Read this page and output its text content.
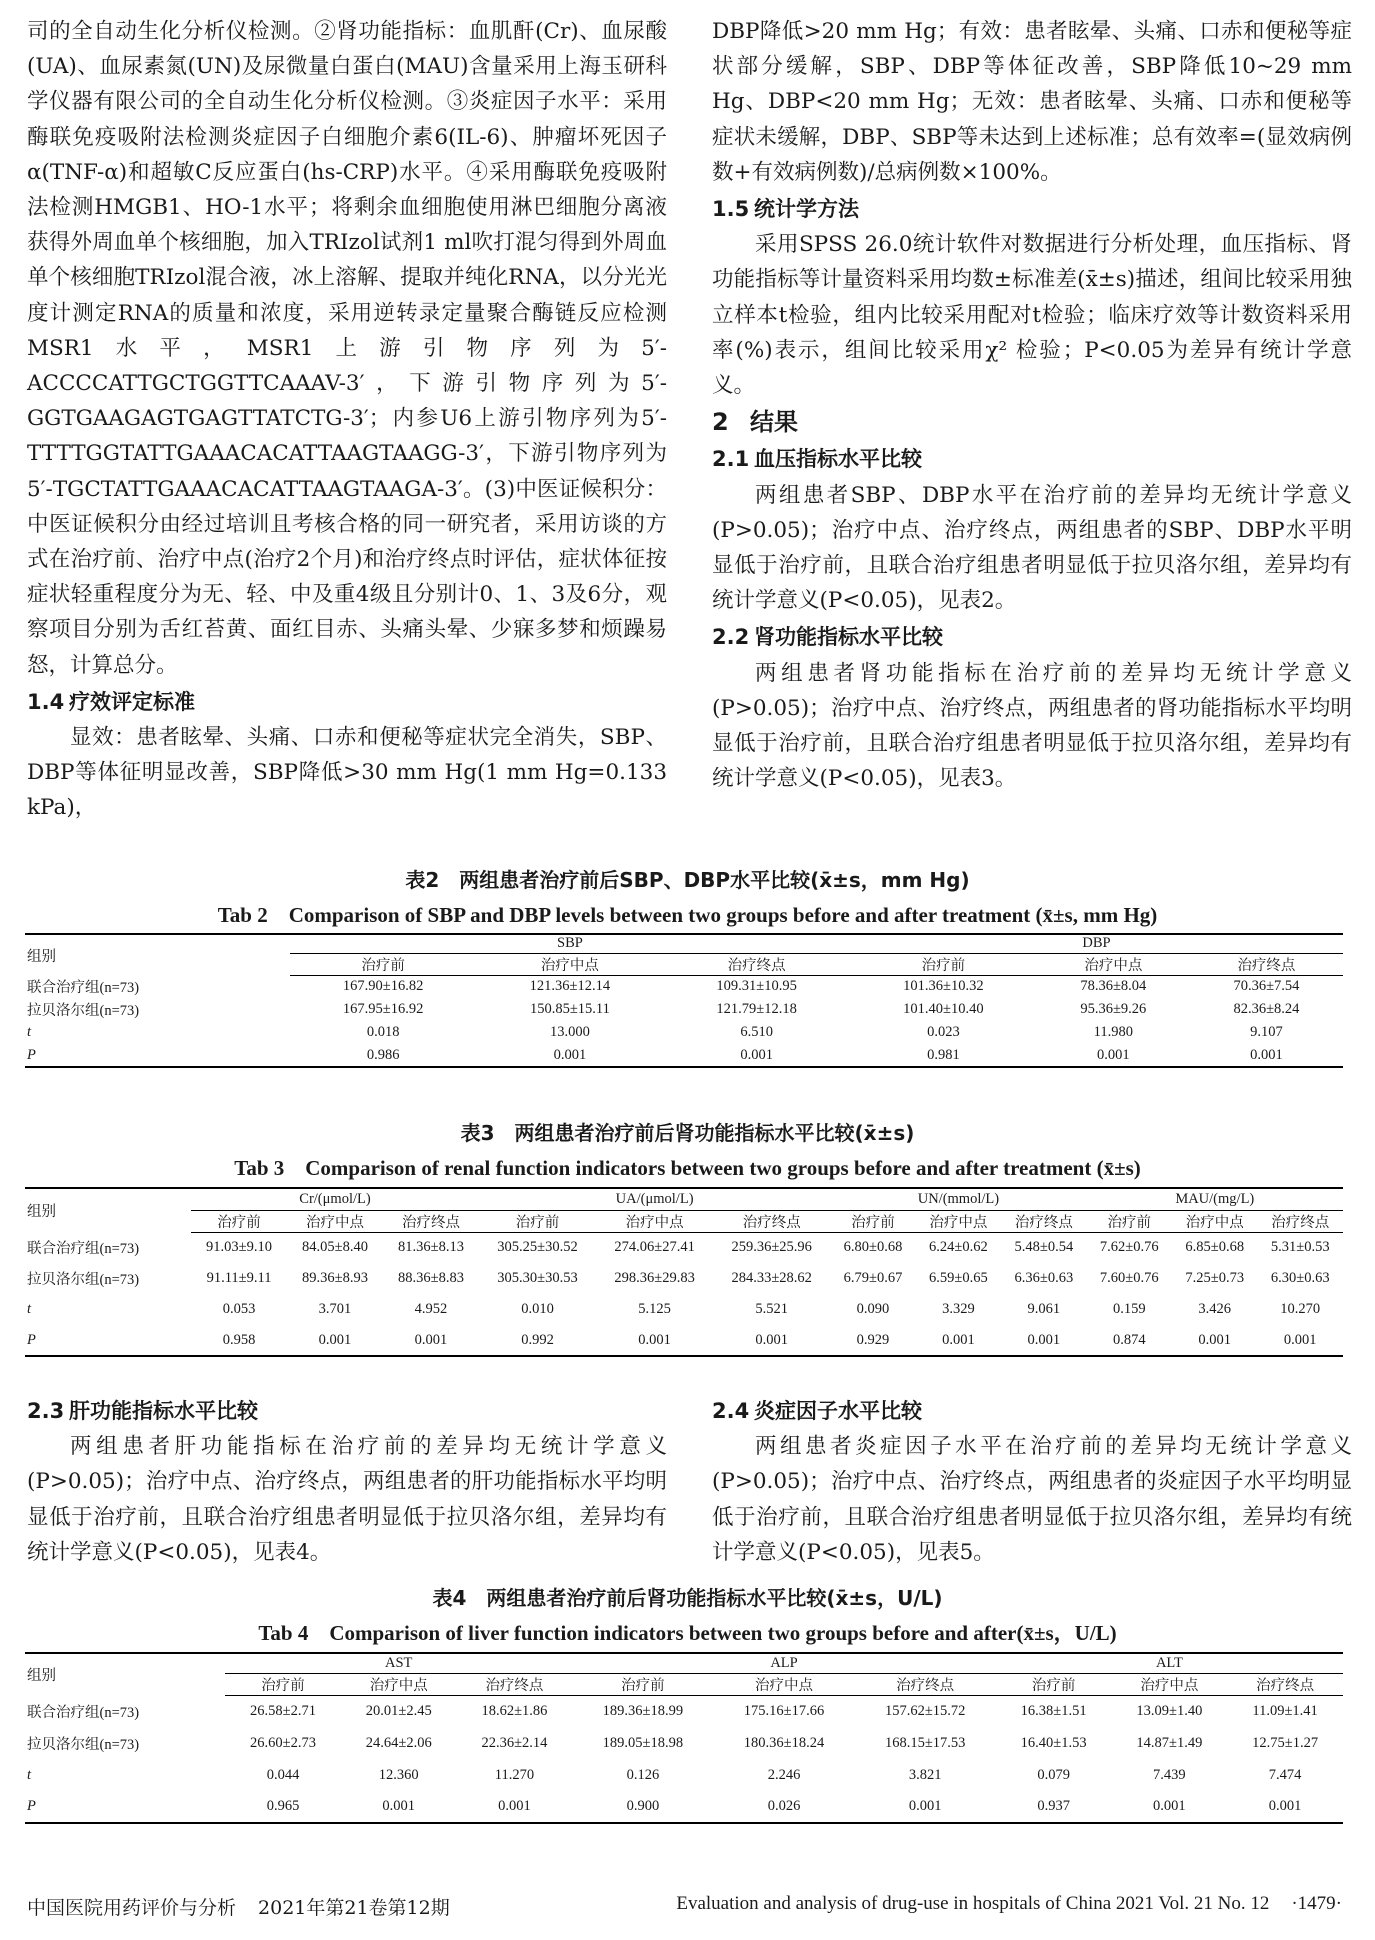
司的全自动生化分析仪检测。②肾功能指标：血肌酐(Cr)、血尿酸(UA)、血尿素氮(UN)及尿微量白蛋白(MAU)含量采用上海玉研科学仪器有限公司的全自动生化分析仪检测。③炎症因子水平：采用酶联免疫吸附法检测炎症因子白细胞介素6(IL-6)、肿瘤坏死因子α(TNF-α)和超敏C反应蛋白(hs-CRP)水平。④采用酶联免疫吸附法检测HMGB1、HO-1水平；将剩余血细胞使用淋巴细胞分离液获得外周血单个核细胞，加入TRIzol试剂1 ml吹打混匀得到外周血单个核细胞TRIzol混合液，冰上溶解、提取并纯化RNA，以分光光度计测定RNA的质量和浓度，采用逆转录定量聚合酶链反应检测MSR1水平，MSR1上游引物序列为5′-ACCCCATTGCTGGTTCAAAV-3′，下游引物序列为5′-GGTGAAGAGTGAGTTATCTG-3′；内参U6上游引物序列为5′-TTTTGGTATTGAAACACATTAAGTAAGG-3′，下游引物序列为5′-TGCTATTGAAACACATTAAGTAAGA-3′。(3)中医证候积分：中医证候积分由经过培训且考核合格的同一研究者，采用访谈的方式在治疗前、治疗中点(治疗2个月)和治疗终点时评估，症状体征按症状轻重程度分为无、轻、中及重4级且分别计0、1、3及6分，观察项目分别为舌红苔黄、面红目赤、头痛头晕、少寐多梦和烦躁易怒，计算总分。

1.4 疗效评定标准

显效：患者眩晕、头痛、口赤和便秘等症状完全消失，SBP、DBP等体征明显改善，SBP降低>30 mm Hg(1 mm Hg=0.133 kPa)，

DBP降低>20 mm Hg；有效：患者眩晕、头痛、口赤和便秘等症状部分缓解，SBP、DBP等体征改善，SBP降低10~29 mm Hg、DBP<20 mm Hg；无效：患者眩晕、头痛、口赤和便秘等症状未缓解，DBP、SBP等未达到上述标准；总有效率=(显效病例数+有效病例数)/总病例数×100%。

1.5 统计学方法

采用SPSS 26.0统计软件对数据进行分析处理，血压指标、肾功能指标等计量资料采用均数±标准差(x̄±s)描述，组间比较采用独立样本t检验，组内比较采用配对t检验；临床疗效等计数资料采用率(%)表示，组间比较采用χ² 检验；P<0.05为差异有统计学意义。

2 结果
2.1 血压指标水平比较

两组患者SBP、DBP水平在治疗前的差异均无统计学意义(P>0.05)；治疗中点、治疗终点，两组患者的SBP、DBP水平明显低于治疗前，且联合治疗组患者明显低于拉贝洛尔组，差异均有统计学意义(P<0.05)，见表2。

2.2 肾功能指标水平比较

两组患者肾功能指标在治疗前的差异均无统计学意义(P>0.05)；治疗中点、治疗终点，两组患者的肾功能指标水平均明显低于治疗前，且联合治疗组患者明显低于拉贝洛尔组，差异均有统计学意义(P<0.05)，见表3。

表2　两组患者治疗前后SBP、DBP水平比较(x̄±s，mm Hg)
Tab 2　Comparison of SBP and DBP levels between two groups before and after treatment (x̄±s, mm Hg)
组别	SBP			DBP		
	治疗前	治疗中点	治疗终点	治疗前	治疗中点	治疗终点
联合治疗组(n=73)	167.90±16.82	121.36±12.14	109.31±10.95	101.36±10.32	78.36±8.04	70.36±7.54
拉贝洛尔组(n=73)	167.95±16.92	150.85±15.11	121.79±12.18	101.40±10.40	95.36±9.26	82.36±8.24
t	0.018	13.000	6.510	0.023	11.980	9.107
P	0.986	0.001	0.001	0.981	0.001	0.001
表3　两组患者治疗前后肾功能指标水平比较(x̄±s)
Tab 3　Comparison of renal function indicators between two groups before and after treatment (x̄±s)
组别	Cr/(μmol/L)			UA/(μmol/L)			UN/(mmol/L)			MAU/(mg/L)		
	治疗前	治疗中点	治疗终点	治疗前	治疗中点	治疗终点	治疗前	治疗中点	治疗终点	治疗前	治疗中点	治疗终点
联合治疗组(n=73)	91.03±9.10	84.05±8.40	81.36±8.13	305.25±30.52	274.06±27.41	259.36±25.96	6.80±0.68	6.24±0.62	5.48±0.54	7.62±0.76	6.85±0.68	5.31±0.53
拉贝洛尔组(n=73)	91.11±9.11	89.36±8.93	88.36±8.83	305.30±30.53	298.36±29.83	284.33±28.62	6.79±0.67	6.59±0.65	6.36±0.63	7.60±0.76	7.25±0.73	6.30±0.63
t	0.053	3.701	4.952	0.010	5.125	5.521	0.090	3.329	9.061	0.159	3.426	10.270
P	0.958	0.001	0.001	0.992	0.001	0.001	0.929	0.001	0.001	0.874	0.001	0.001
2.3 肝功能指标水平比较

两组患者肝功能指标在治疗前的差异均无统计学意义(P>0.05)；治疗中点、治疗终点，两组患者的肝功能指标水平均明显低于治疗前，且联合治疗组患者明显低于拉贝洛尔组，差异均有统计学意义(P<0.05)，见表4。

2.4 炎症因子水平比较

两组患者炎症因子水平在治疗前的差异均无统计学意义(P>0.05)；治疗中点、治疗终点，两组患者的炎症因子水平均明显低于治疗前，且联合治疗组患者明显低于拉贝洛尔组，差异均有统计学意义(P<0.05)，见表5。

表4　两组患者治疗前后肾功能指标水平比较(x̄±s，U/L)
Tab 4　Comparison of liver function indicators between two groups before and after(x̄±s，U/L)
组别	AST			ALP			ALT		
	治疗前	治疗中点	治疗终点	治疗前	治疗中点	治疗终点	治疗前	治疗中点	治疗终点
联合治疗组(n=73)	26.58±2.71	20.01±2.45	18.62±1.86	189.36±18.99	175.16±17.66	157.62±15.72	16.38±1.51	13.09±1.40	11.09±1.41
拉贝洛尔组(n=73)	26.60±2.73	24.64±2.06	22.36±2.14	189.05±18.98	180.36±18.24	168.15±17.53	16.40±1.53	14.87±1.49	12.75±1.27
t	0.044	12.360	11.270	0.126	2.246	3.821	0.079	7.439	7.474
P	0.965	0.001	0.001	0.900	0.026	0.001	0.937	0.001	0.001
中国医院用药评价与分析 2021年第21卷第12期	Evaluation and analysis of drug-use in hospitals of China 2021 Vol. 21 No. 12 ·1479·
